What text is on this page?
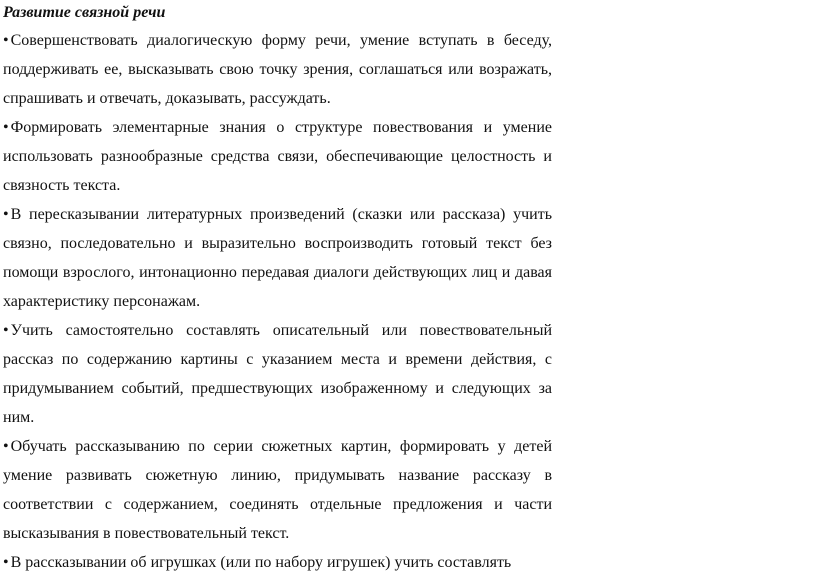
Развитие связной речи

• Совершенствовать диалогическую форму речи, умение вступать в беседу, поддерживать ее, высказывать свою точку зрения, соглашаться или возражать, спрашивать и отвечать, доказывать, рассуждать.

• Формировать элементарные знания о структуре повествования и умение использовать разнообразные средства связи, обеспечивающие целостность и связность текста.

• В пересказывании литературных произведений (сказки или рассказа) учить связно, последовательно и выразительно воспроизводить готовый текст без помощи взрослого, интонационно передавая диалоги действующих лиц и давая характеристику персонажам.

• Учить самостоятельно составлять описательный или повествовательный рассказ по содержанию картины с указанием места и времени действия, с придумыванием событий, предшествующих изображенному и следующих за ним.

• Обучать рассказыванию по серии сюжетных картин, формировать у детей умение развивать сюжетную линию, придумывать название рассказу в соответствии с содержанием, соединять отдельные предложения и части высказывания в повествовательный текст.

• В рассказывании об игрушках (или по набору игрушек) учить составлять
